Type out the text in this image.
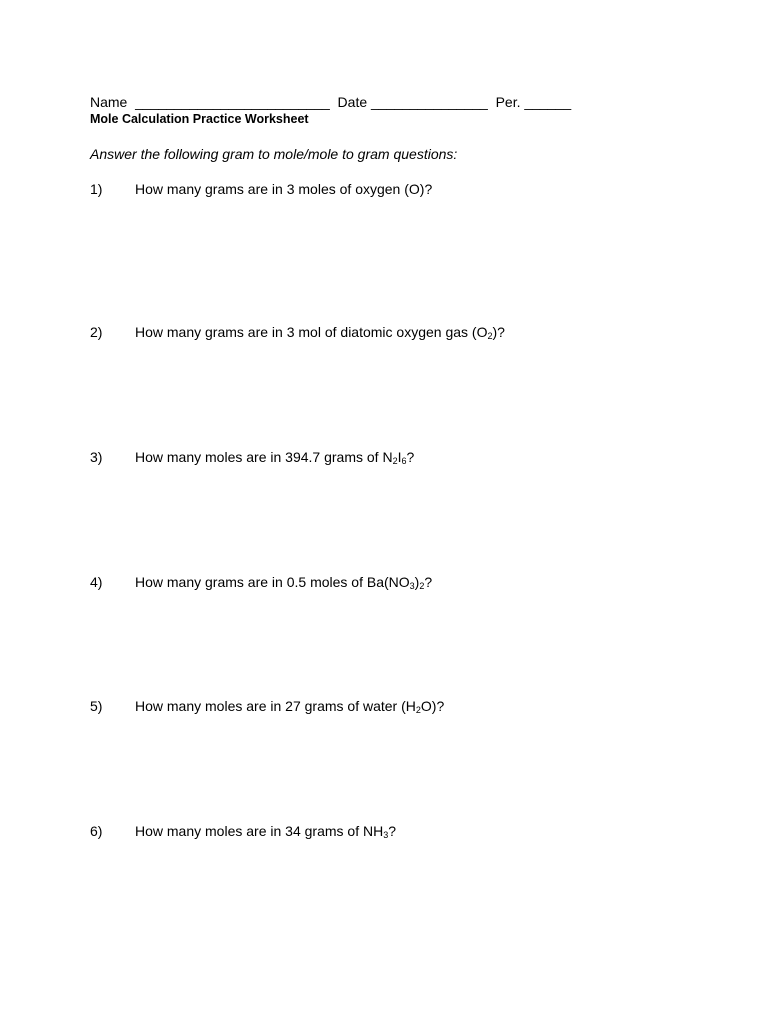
Name  _________________________  Date _______________  Per. ______
Mole Calculation Practice Worksheet
Answer the following gram to mole/mole to gram questions:
1) How many grams are in 3 moles of oxygen (O)?
2) How many grams are in 3 mol of diatomic oxygen gas $(O_2)$?
3) How many moles are in 394.7 grams of $N_2I_6$?
4) How many grams are in 0.5 moles of $Ba(NO_3)_2$?
5) How many moles are in 27 grams of water $(H_2O)$?
6) How many moles are in 34 grams of $NH_3$?
